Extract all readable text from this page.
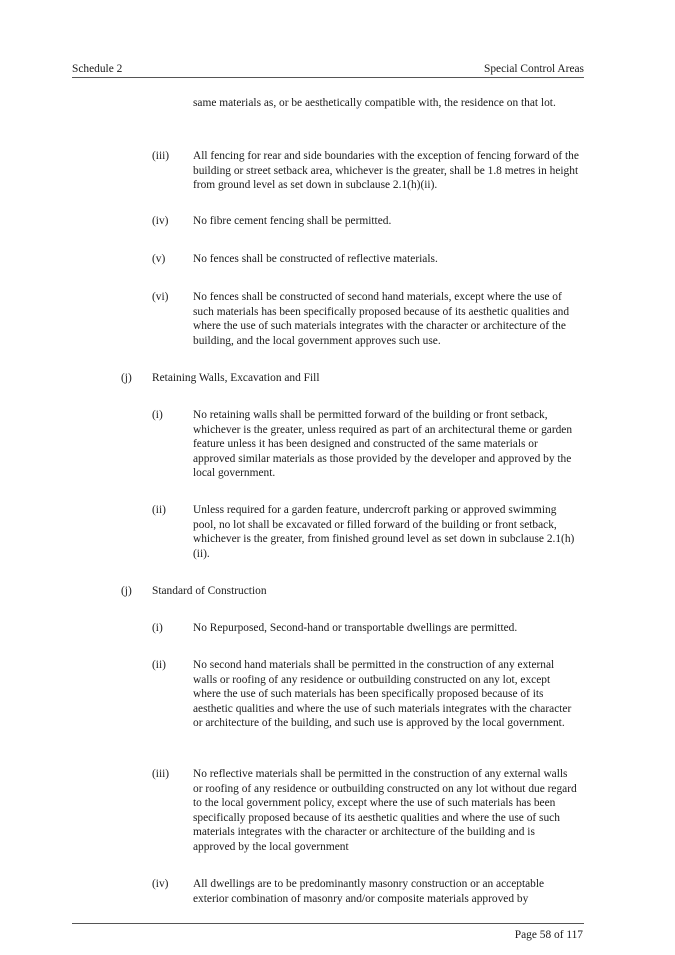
Schedule 2	Special Control Areas
same materials as, or be aesthetically compatible with, the residence on that lot.
(iii) All fencing for rear and side boundaries with the exception of fencing forward of the building or street setback area, whichever is the greater, shall be 1.8 metres in height from ground level as set down in subclause 2.1(h)(ii).
(iv) No fibre cement fencing shall be permitted.
(v) No fences shall be constructed of reflective materials.
(vi) No fences shall be constructed of second hand materials, except where the use of such materials has been specifically proposed because of its aesthetic qualities and where the use of such materials integrates with the character or architecture of the building, and the local government approves such use.
(j) Retaining Walls, Excavation and Fill
(i)	No retaining walls shall be permitted forward of the building or front setback, whichever is the greater, unless required as part of an architectural theme or garden feature unless it has been designed and constructed of the same materials or approved similar materials as those provided by the developer and approved by the local government.
(ii) Unless required for a garden feature, undercroft parking or approved swimming pool, no lot shall be excavated or filled forward of the building or front setback, whichever is the greater, from finished ground level as set down in subclause 2.1(h)(ii).
(j) Standard of Construction
(i)	No Repurposed, Second-hand or transportable dwellings are permitted.
(ii) No second hand materials shall be permitted in the construction of any external walls or roofing of any residence or outbuilding constructed on any lot, except where the use of such materials has been specifically proposed because of its aesthetic qualities and where the use of such materials integrates with the character or architecture of the building, and such use is approved by the local government.
(iii) No reflective materials shall be permitted in the construction of any external walls or roofing of any residence or outbuilding constructed on any lot without due regard to the local government policy, except where the use of such materials has been specifically proposed because of its aesthetic qualities and where the use of such materials integrates with the character or architecture of the building and is approved by the local government
(iv) All dwellings are to be predominantly masonry construction or an acceptable exterior combination of masonry and/or composite materials approved by
Page 58 of 117
